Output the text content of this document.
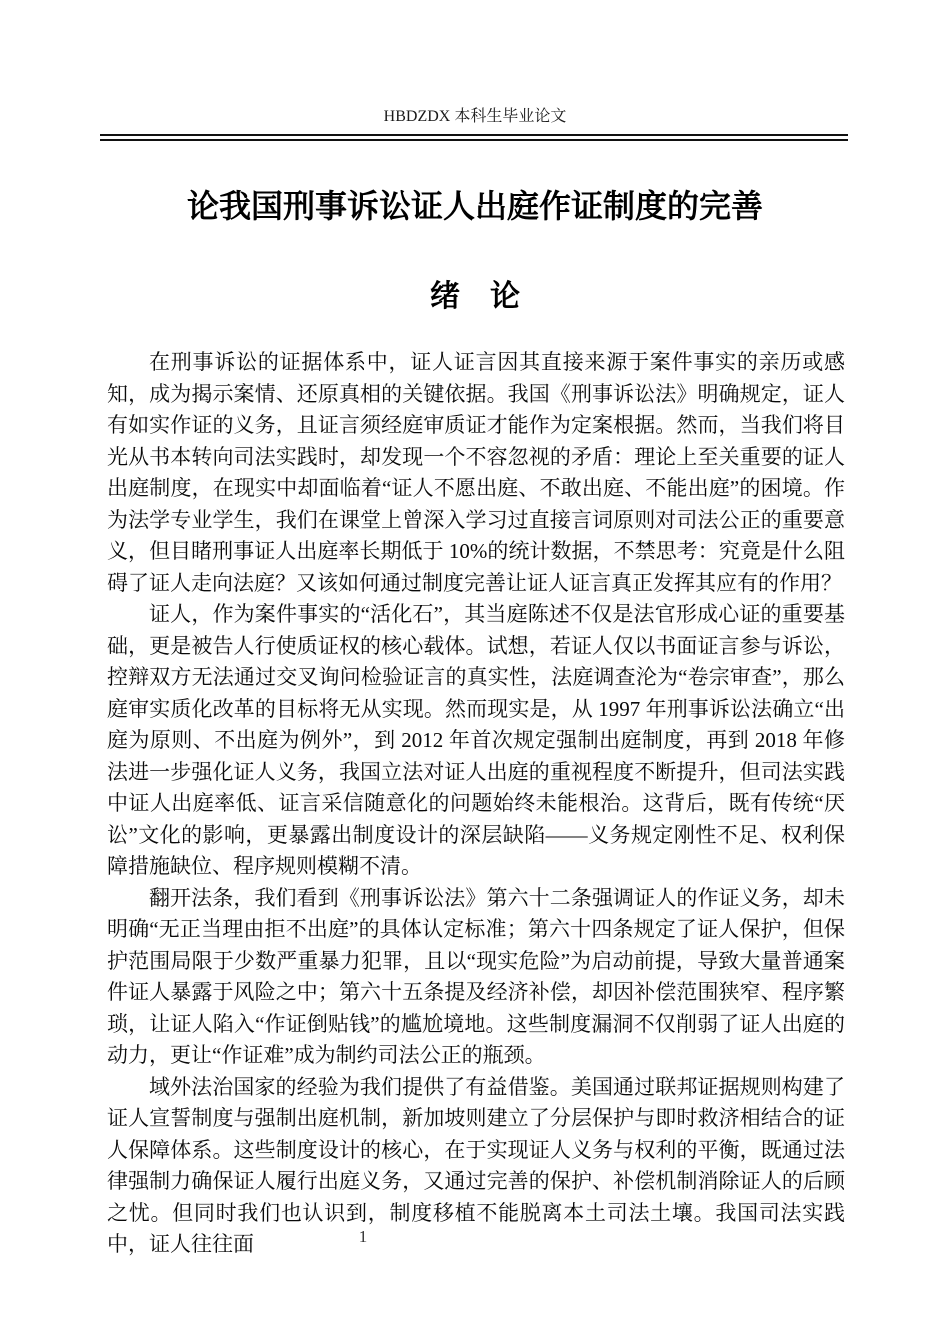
HBDZDX 本科生毕业论文
论我国刑事诉讼证人出庭作证制度的完善
绪　论

在刑事诉讼的证据体系中，证人证言因其直接来源于案件事实的亲历或感知，成为揭示案情、还原真相的关键依据。我国《刑事诉讼法》明确规定，证人有如实作证的义务，且证言须经庭审质证才能作为定案根据。然而，当我们将目光从书本转向司法实践时，却发现一个不容忽视的矛盾：理论上至关重要的证人出庭制度，在现实中却面临着“证人不愿出庭、不敢出庭、不能出庭”的困境。作为法学专业学生，我们在课堂上曾深入学习过直接言词原则对司法公正的重要意义，但目睹刑事证人出庭率长期低于 10%的统计数据，不禁思考：究竟是什么阻碍了证人走向法庭？又该如何通过制度完善让证人证言真正发挥其应有的作用？

证人，作为案件事实的“活化石”，其当庭陈述不仅是法官形成心证的重要基础，更是被告人行使质证权的核心载体。试想，若证人仅以书面证言参与诉讼，控辩双方无法通过交叉询问检验证言的真实性，法庭调查沦为“卷宗审查”，那么庭审实质化改革的目标将无从实现。然而现实是，从 1997 年刑事诉讼法确立“出庭为原则、不出庭为例外”，到 2012 年首次规定强制出庭制度，再到 2018 年修法进一步强化证人义务，我国立法对证人出庭的重视程度不断提升，但司法实践中证人出庭率低、证言采信随意化的问题始终未能根治。这背后，既有传统“厌讼”文化的影响，更暴露出制度设计的深层缺陷——义务规定刚性不足、权利保障措施缺位、程序规则模糊不清。

翻开法条，我们看到《刑事诉讼法》第六十二条强调证人的作证义务，却未明确“无正当理由拒不出庭”的具体认定标准；第六十四条规定了证人保护，但保护范围局限于少数严重暴力犯罪，且以“现实危险”为启动前提，导致大量普通案件证人暴露于风险之中；第六十五条提及经济补偿，却因补偿范围狭窄、程序繁琐，让证人陷入“作证倒贴钱”的尴尬境地。这些制度漏洞不仅削弱了证人出庭的动力，更让“作证难”成为制约司法公正的瓶颈。

域外法治国家的经验为我们提供了有益借鉴。美国通过联邦证据规则构建了证人宣誓制度与强制出庭机制，新加坡则建立了分层保护与即时救济相结合的证人保障体系。这些制度设计的核心，在于实现证人义务与权利的平衡，既通过法律强制力确保证人履行出庭义务，又通过完善的保护、补偿机制消除证人的后顾之忧。但同时我们也认识到，制度移植不能脱离本土司法土壤。我国司法实践中，证人往往面	1
